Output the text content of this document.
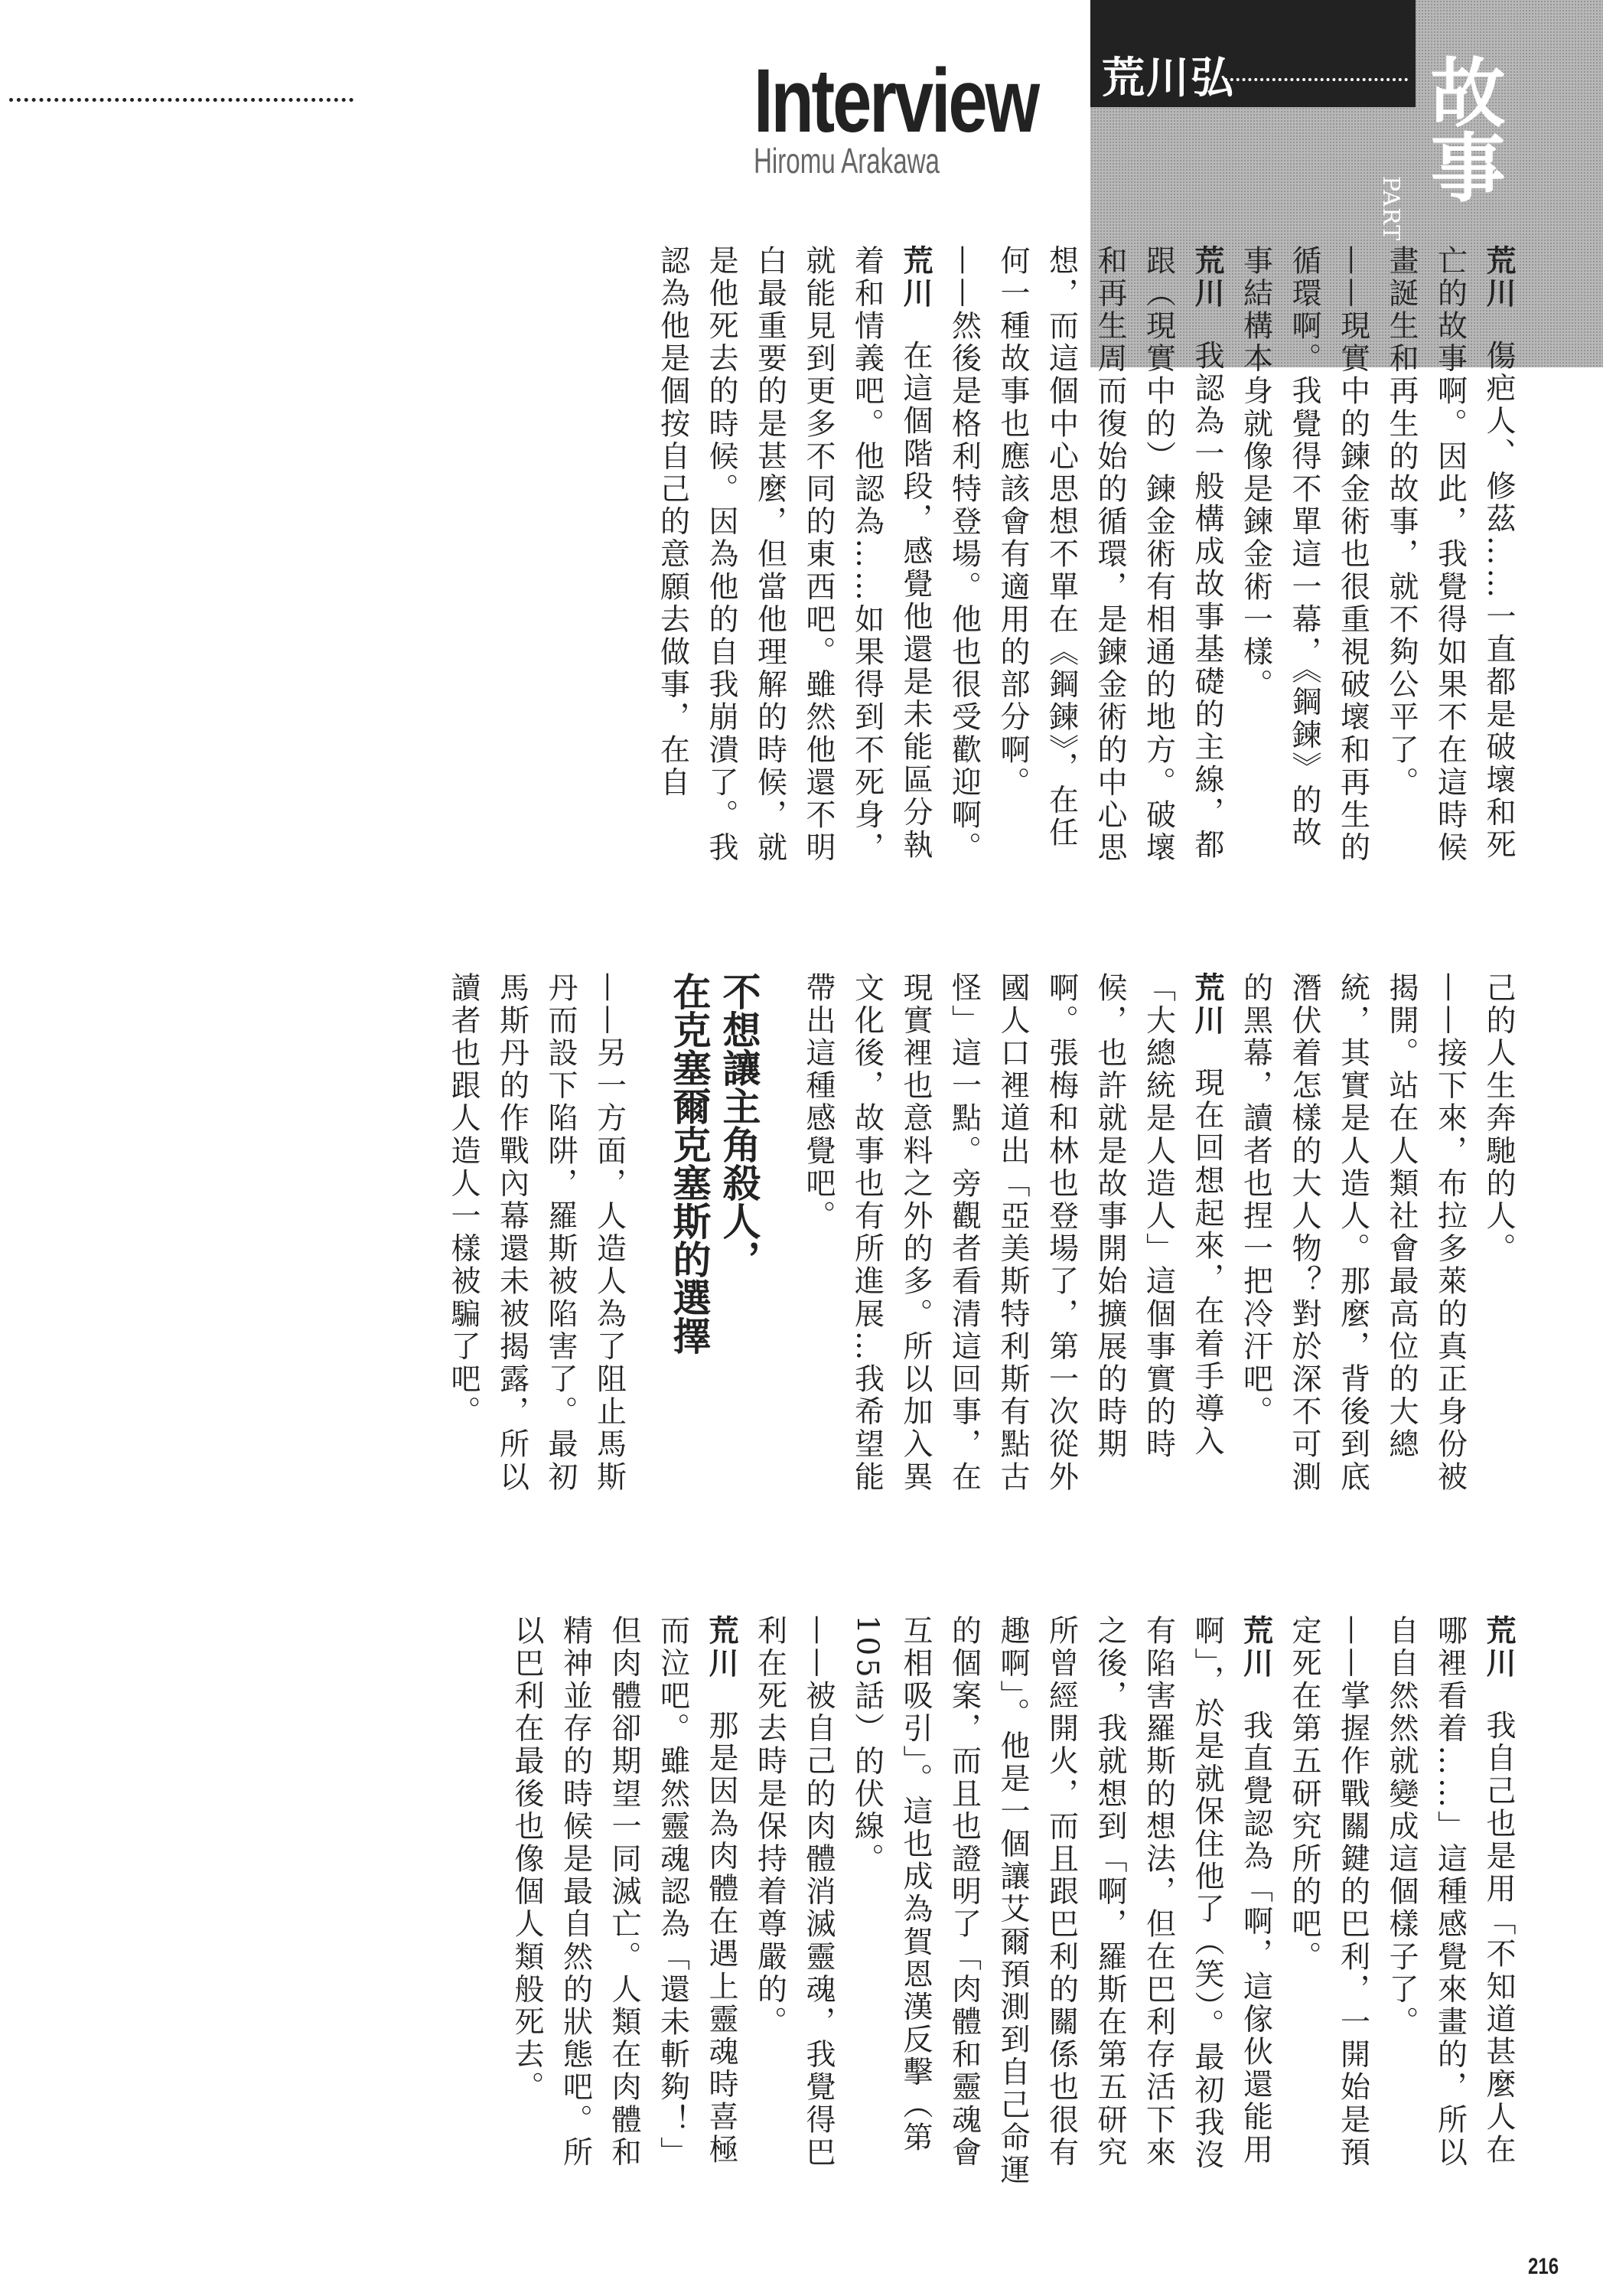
Interview
Hiromu Arakawa
荒川弘 故事
PART

荒川傷疤人、修茲……一直都是破壞和死亡的故事啊。因此，我覺得如果不在這時候畫誕生和再生的故事，就不夠公平了。

——現實中的鍊金術也很重視破壞和再生的循環啊。我覺得不單這一幕，《鋼鍊》的故事結構本身就像是鍊金術一樣。

荒川我認為一般構成故事基礎的主線，都跟（現實中的）鍊金術有相通的地方。破壞和再生周而復始的循環，是鍊金術的中心思想，而這個中心思想不單在《鋼鍊》，在任何一種故事也應該會有適用的部分啊。

——然後是格利特登場。他也很受歡迎啊。

荒川在這個階段，感覺他還是未能區分執着和情義吧。他認為……如果得到不死身，就能見到更多不同的東西吧。雖然他還不明白最重要的是甚麼，但當他理解的時候，就是他死去的時候。因為他的自我崩潰了。我認為他是個按自己的意願去做事，在自

己的人生奔馳的人。

——接下來，布拉多萊的真正身份被揭開。站在人類社會最高位的大總統，其實是人造人。那麼，背後到底潛伏着怎樣的大人物？對於深不可測的黑幕，讀者也捏一把冷汗吧。

荒川現在回想起來，在着手導入「大總統是人造人」這個事實的時候，也許就是故事開始擴展的時期啊。張梅和林也登場了，第一次從外國人口裡道出「亞美斯特利斯有點古怪」這一點。旁觀者看清這回事，在現實裡也意料之外的多。所以加入異文化後，故事也有所進展…我希望能帶出這種感覺吧。

不想讓主角殺人，
在克塞爾克塞斯的選擇

——另一方面，人造人為了阻止馬斯丹而設下陷阱，羅斯被陷害了。最初馬斯丹的作戰內幕還未被揭露，所以讀者也跟人造人一樣被騙了吧。

荒川我自己也是用「不知道甚麼人在哪裡看着……」這種感覺來畫的，所以自自然然就變成這個樣子了。

——掌握作戰關鍵的巴利，一開始是預定死在第五研究所的吧。

荒川我直覺認為「啊，這傢伙還能用啊」，於是就保住他了（笑）。最初我沒有陷害羅斯的想法，但在巴利存活下來之後，我就想到「啊，羅斯在第五研究所曾經開火，而且跟巴利的關係也很有趣啊」。他是一個讓艾爾預測到自己命運的個案，而且也證明了「肉體和靈魂會互相吸引」。這也成為賀恩漢反擊（第105話）的伏線。

——被自己的肉體消滅靈魂，我覺得巴利在死去時是保持着尊嚴的。

荒川那是因為肉體在遇上靈魂時喜極而泣吧。雖然靈魂認為「還未斬夠！」但肉體卻期望一同滅亡。人類在肉體和精神並存的時候是最自然的狀態吧。所以巴利在最後也像個人類般死去。

216
